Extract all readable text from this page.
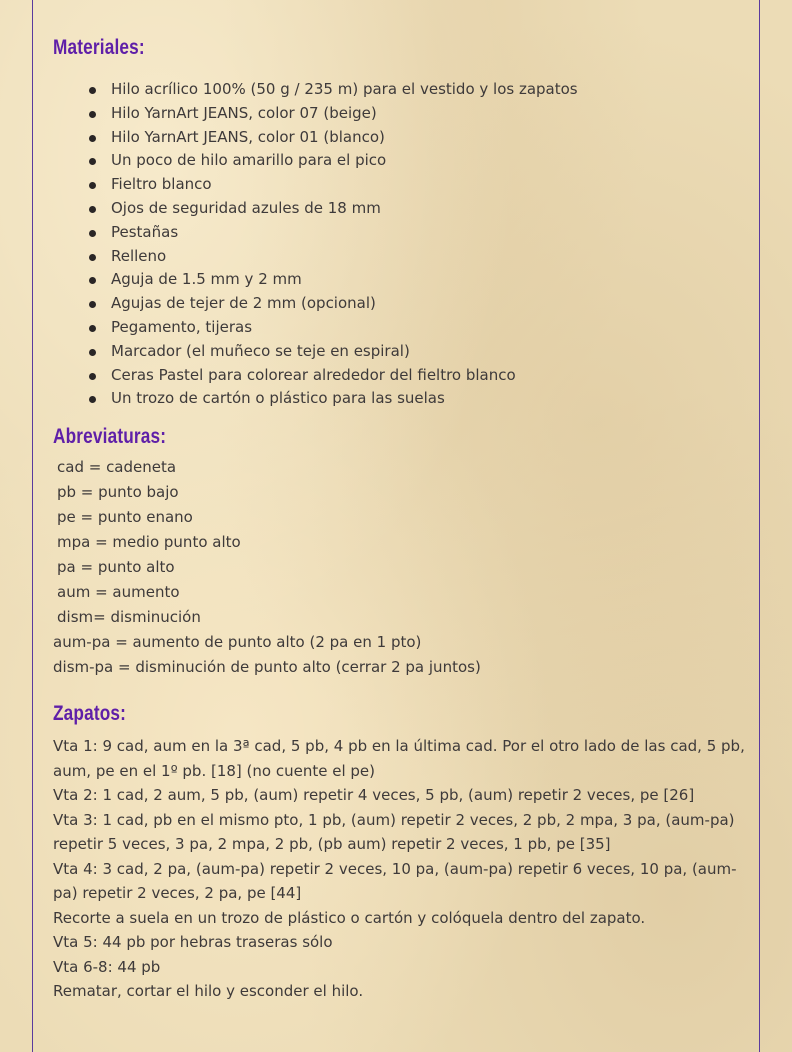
Materiales:
Hilo acrílico 100% (50 g / 235 m) para el vestido y los zapatos
Hilo YarnArt JEANS, color 07 (beige)
Hilo YarnArt JEANS, color 01 (blanco)
Un poco de hilo amarillo para el pico
Fieltro blanco
Ojos de seguridad azules de 18 mm
Pestañas
Relleno
Aguja de 1.5 mm y 2 mm
Agujas de tejer de 2 mm (opcional)
Pegamento, tijeras
Marcador (el muñeco se teje en espiral)
Ceras Pastel para colorear alrededor del fieltro blanco
Un trozo de cartón o plástico para las suelas
Abreviaturas:
cad = cadeneta
pb = punto bajo
pe = punto enano
mpa = medio punto alto
pa = punto alto
aum = aumento
dism= disminución
aum-pa = aumento de punto alto (2 pa en 1 pto)
dism-pa = disminución de punto alto (cerrar 2 pa juntos)
Zapatos:
Vta 1: 9 cad, aum en la 3ª cad, 5 pb, 4 pb en la última cad. Por el otro lado de las cad, 5 pb, aum, pe en el 1º pb. [18] (no cuente el pe)
Vta 2: 1 cad, 2 aum, 5 pb, (aum) repetir 4 veces, 5 pb, (aum) repetir 2 veces, pe [26]
Vta 3: 1 cad, pb en el mismo pto, 1 pb, (aum) repetir 2 veces, 2 pb, 2 mpa, 3 pa, (aum-pa) repetir 5 veces, 3 pa, 2 mpa, 2 pb, (pb aum) repetir 2 veces, 1 pb, pe [35]
Vta 4: 3 cad, 2 pa, (aum-pa) repetir 2 veces, 10 pa, (aum-pa) repetir 6 veces, 10 pa, (aum-pa) repetir 2 veces, 2 pa, pe [44]
Recorte a suela en un trozo de plástico o cartón y colóquela dentro del zapato.
Vta 5: 44 pb por hebras traseras sólo
Vta 6-8: 44 pb
Rematar, cortar el hilo y esconder el hilo.
